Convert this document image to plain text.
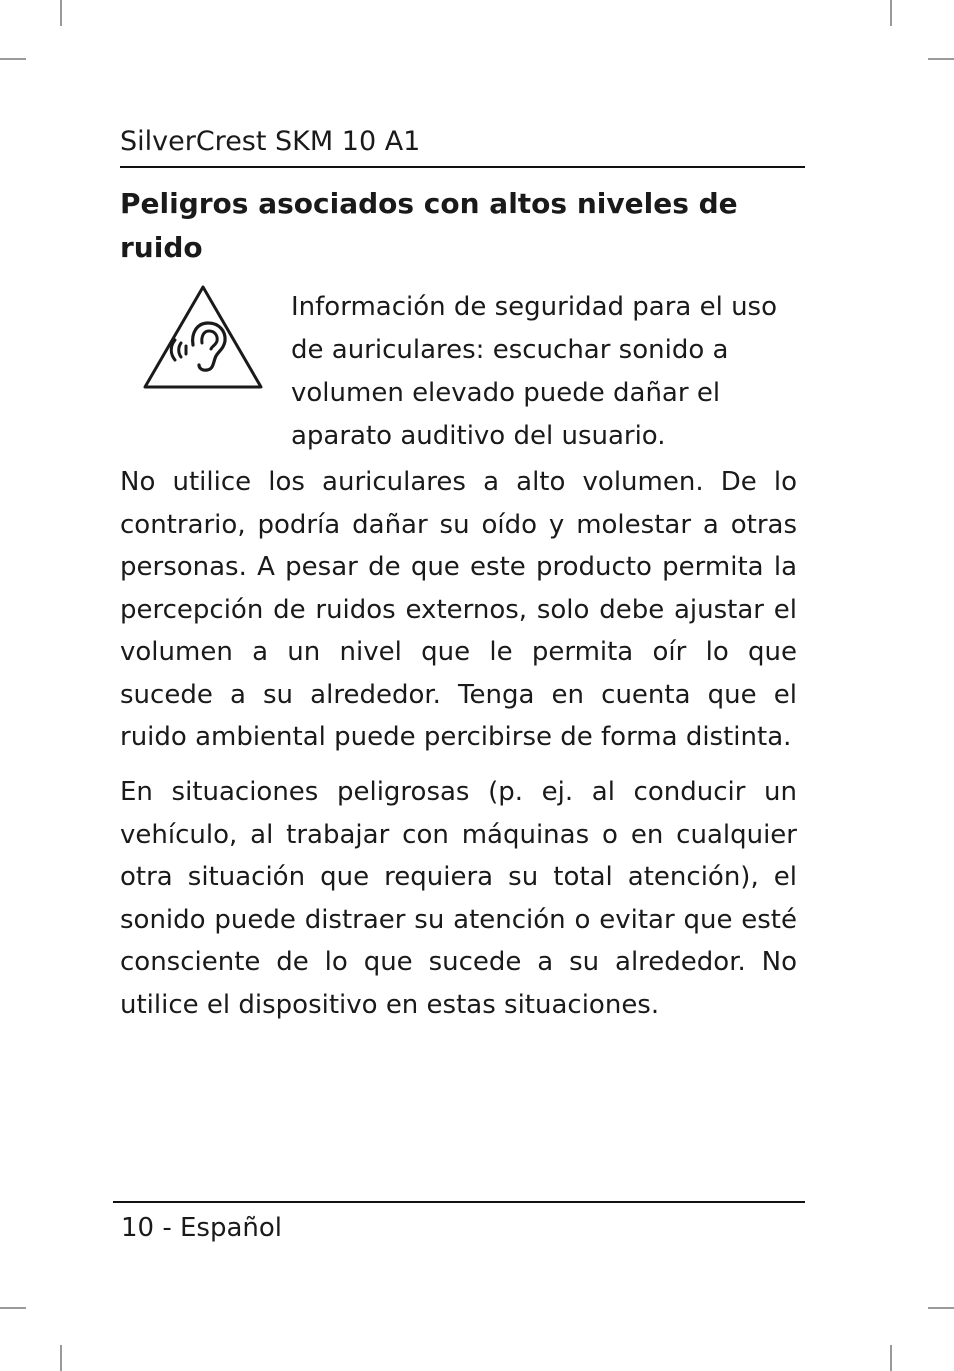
SilverCrest SKM 10 A1
Peligros asociados con altos niveles de ruido

Información de seguridad para el uso de auriculares: escuchar sonido a volumen elevado puede dañar el aparato auditivo del usuario.

No utilice los auriculares a alto volumen. De lo contrario, podría dañar su oído y molestar a otras personas. A pesar de que este producto permita la percepción de ruidos externos, solo debe ajustar el volumen a un nivel que le permita oír lo que sucede a su alrededor. Tenga en cuenta que el ruido ambiental puede percibirse de forma distinta.

En situaciones peligrosas (p. ej. al conducir un vehículo, al trabajar con máquinas o en cualquier otra situación que requiera su total atención), el sonido puede distraer su atención o evitar que esté consciente de lo que sucede a su alrededor. No utilice el dispositivo en estas situaciones.

10 - Español
